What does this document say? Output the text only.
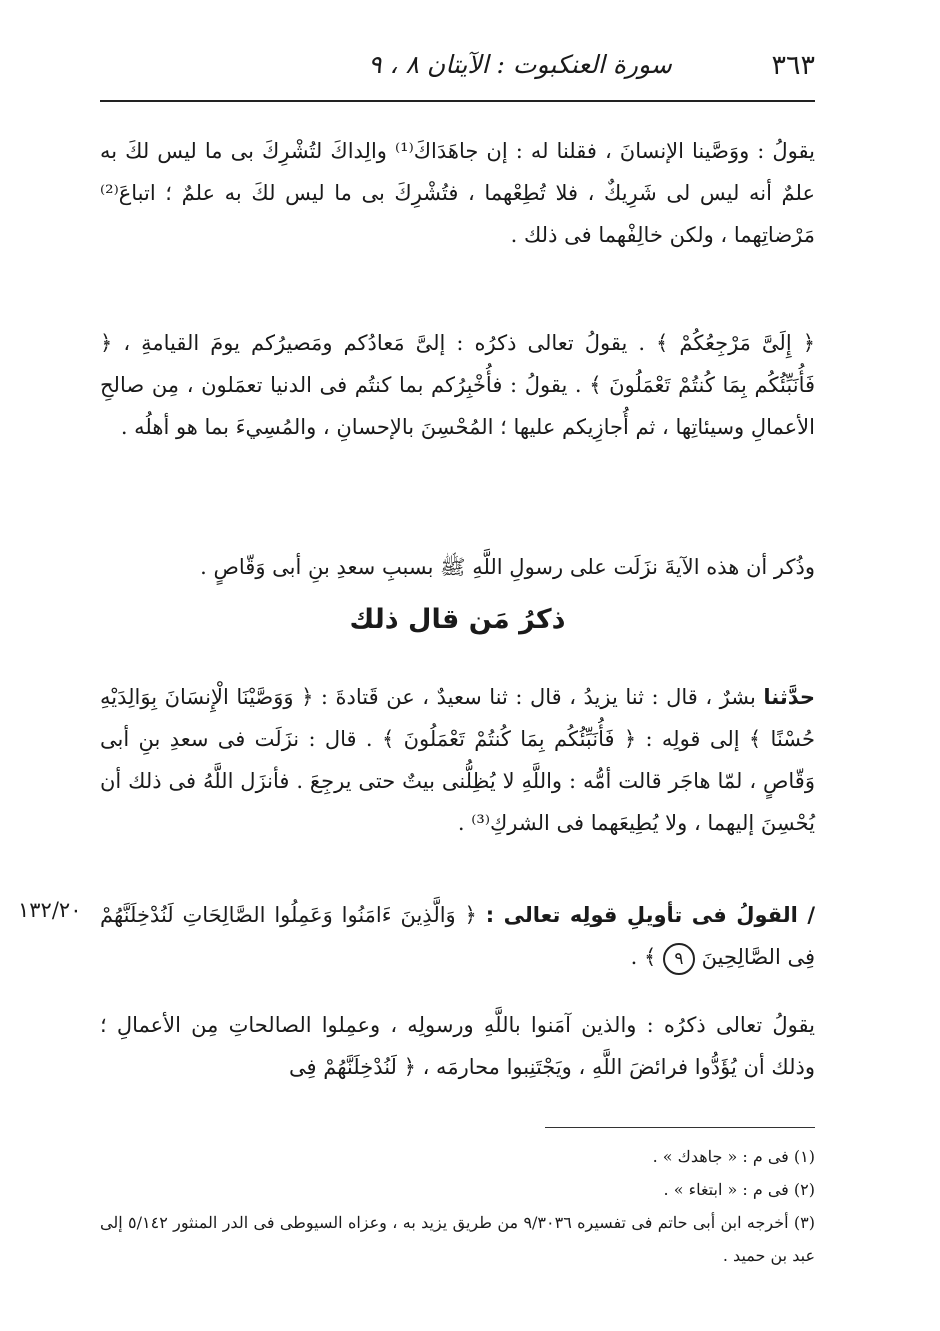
٣٦٣
سورة العنكبوت : الآيتان ٨ ، ٩
يقولُ : ووَصَّينا الإنسانَ ، فقلنا له : إن جاهَدَاكَ⁽¹⁾ والِداكَ لتُشْرِكَ بى ما ليس لكَ به علمٌ أنه ليس لى شَرِيكٌ ، فلا تُطِعْهما ، فتُشْرِكَ بى ما ليس لكَ به علمٌ ؛ اتباعَ⁽²⁾ مَرْضاتِهما ، ولكن خالِفْهما فى ذلك .
﴿ إِلَىَّ مَرْجِعُكُمْ ﴾ . يقولُ تعالى ذكرُه : إلىَّ مَعادُكم ومَصيرُكم يومَ القيامةِ ، ﴿ فَأُنَبِّئُكُم بِمَا كُنتُمْ تَعْمَلُونَ ﴾ . يقولُ : فأُخْبِرُكم بما كنتُم فى الدنيا تعمَلون ، مِن صالحِ الأعمالِ وسيئاتِها ، ثم أُجازِيكم عليها ؛ المُحْسِنَ بالإحسانِ ، والمُسِيءَ بما هو أهلُه .
وذُكر أن هذه الآيةَ نزَلَت على رسولِ اللَّهِ ﷺ بسببِ سعدِ بنِ أبى وَقّاصٍ .
ذكرُ مَن قال ذلك
حدَّثنا بشرٌ ، قال : ثنا يزيدُ ، قال : ثنا سعيدٌ ، عن قَتادةَ : ﴿ وَوَصَّيْنَا الْإِنسَانَ بِوَالِدَيْهِ حُسْنًا ﴾ إلى قولِه : ﴿ فَأُنَبِّئُكُم بِمَا كُنتُمْ تَعْمَلُونَ ﴾ . قال : نزَلَت فى سعدِ بنِ أبى وَقّاصٍ ، لمّا هاجَر قالت أمُّه : واللَّهِ لا يُظِلُّنى بيتٌ حتى يرجِعَ . فأنزَل اللَّهُ فى ذلك أن يُحْسِنَ إليهما ، ولا يُطِيعَهما فى الشركِ⁽³⁾ .
١٣٢/٢٠	/ القولُ فى تأويلِ قولِه تعالى : ﴿ وَالَّذِينَ ءَامَنُوا وَعَمِلُوا الصَّالِحَاتِ لَنُدْخِلَنَّهُمْ فِى الصَّالِحِينَ ٩ ﴾ .
يقولُ تعالى ذكرُه : والذين آمَنوا باللَّهِ ورسولِه ، وعمِلوا الصالحاتِ مِن الأعمالِ ؛ وذلك أن يُؤَدُّوا فرائضَ اللَّهِ ، ويَجْتَنِبوا محارمَه ، ﴿ لَنُدْخِلَنَّهُمْ فِى

(١) فى م : « جاهدك » .

(٢) فى م : « ابتغاء » .

(٣) أخرجه ابن أبى حاتم فى تفسيره ٩/٣٠٣٦ من طريق يزيد به ، وعزاه السيوطى فى الدر المنثور ٥/١٤٢ إلى عبد بن حميد .
